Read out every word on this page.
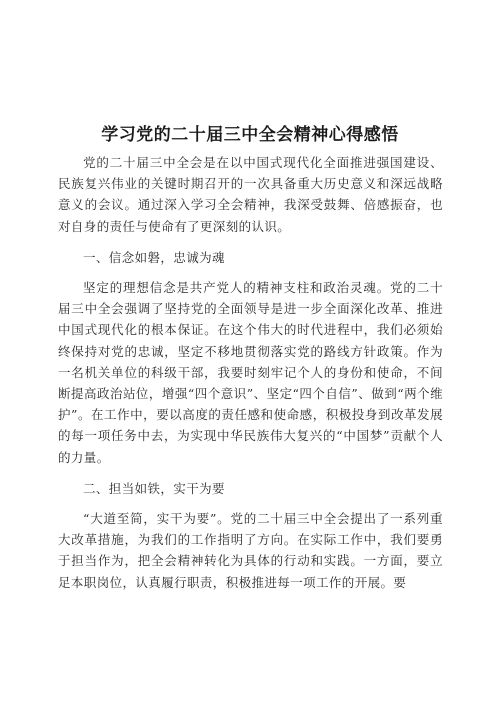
学习党的二十届三中全会精神心得感悟

党的二十届三中全会是在以中国式现代化全面推进强国建设、民族复兴伟业的关键时期召开的一次具备重大历史意义和深远战略意义的会议。通过深入学习全会精神，我深受鼓舞、倍感振奋，也对自身的责任与使命有了更深刻的认识。

一、信念如磐，忠诚为魂

坚定的理想信念是共产党人的精神支柱和政治灵魂。党的二十届三中全会强调了坚持党的全面领导是进一步全面深化改革、推进中国式现代化的根本保证。在这个伟大的时代进程中，我们必须始终保持对党的忠诚，坚定不移地贯彻落实党的路线方针政策。作为一名机关单位的科级干部，我要时刻牢记个人的身份和使命，不间断提高政治站位，增强“四个意识”、坚定“四个自信”、做到“两个维护”。在工作中，要以高度的责任感和使命感，积极投身到改革发展的每一项任务中去，为实现中华民族伟大复兴的“中国梦”贡献个人的力量。

二、担当如铁，实干为要

“大道至简，实干为要”。党的二十届三中全会提出了一系列重大改革措施，为我们的工作指明了方向。在实际工作中，我们要勇于担当作为，把全会精神转化为具体的行动和实践。一方面，要立足本职岗位，认真履行职责，积极推进每一项工作的开展。要
